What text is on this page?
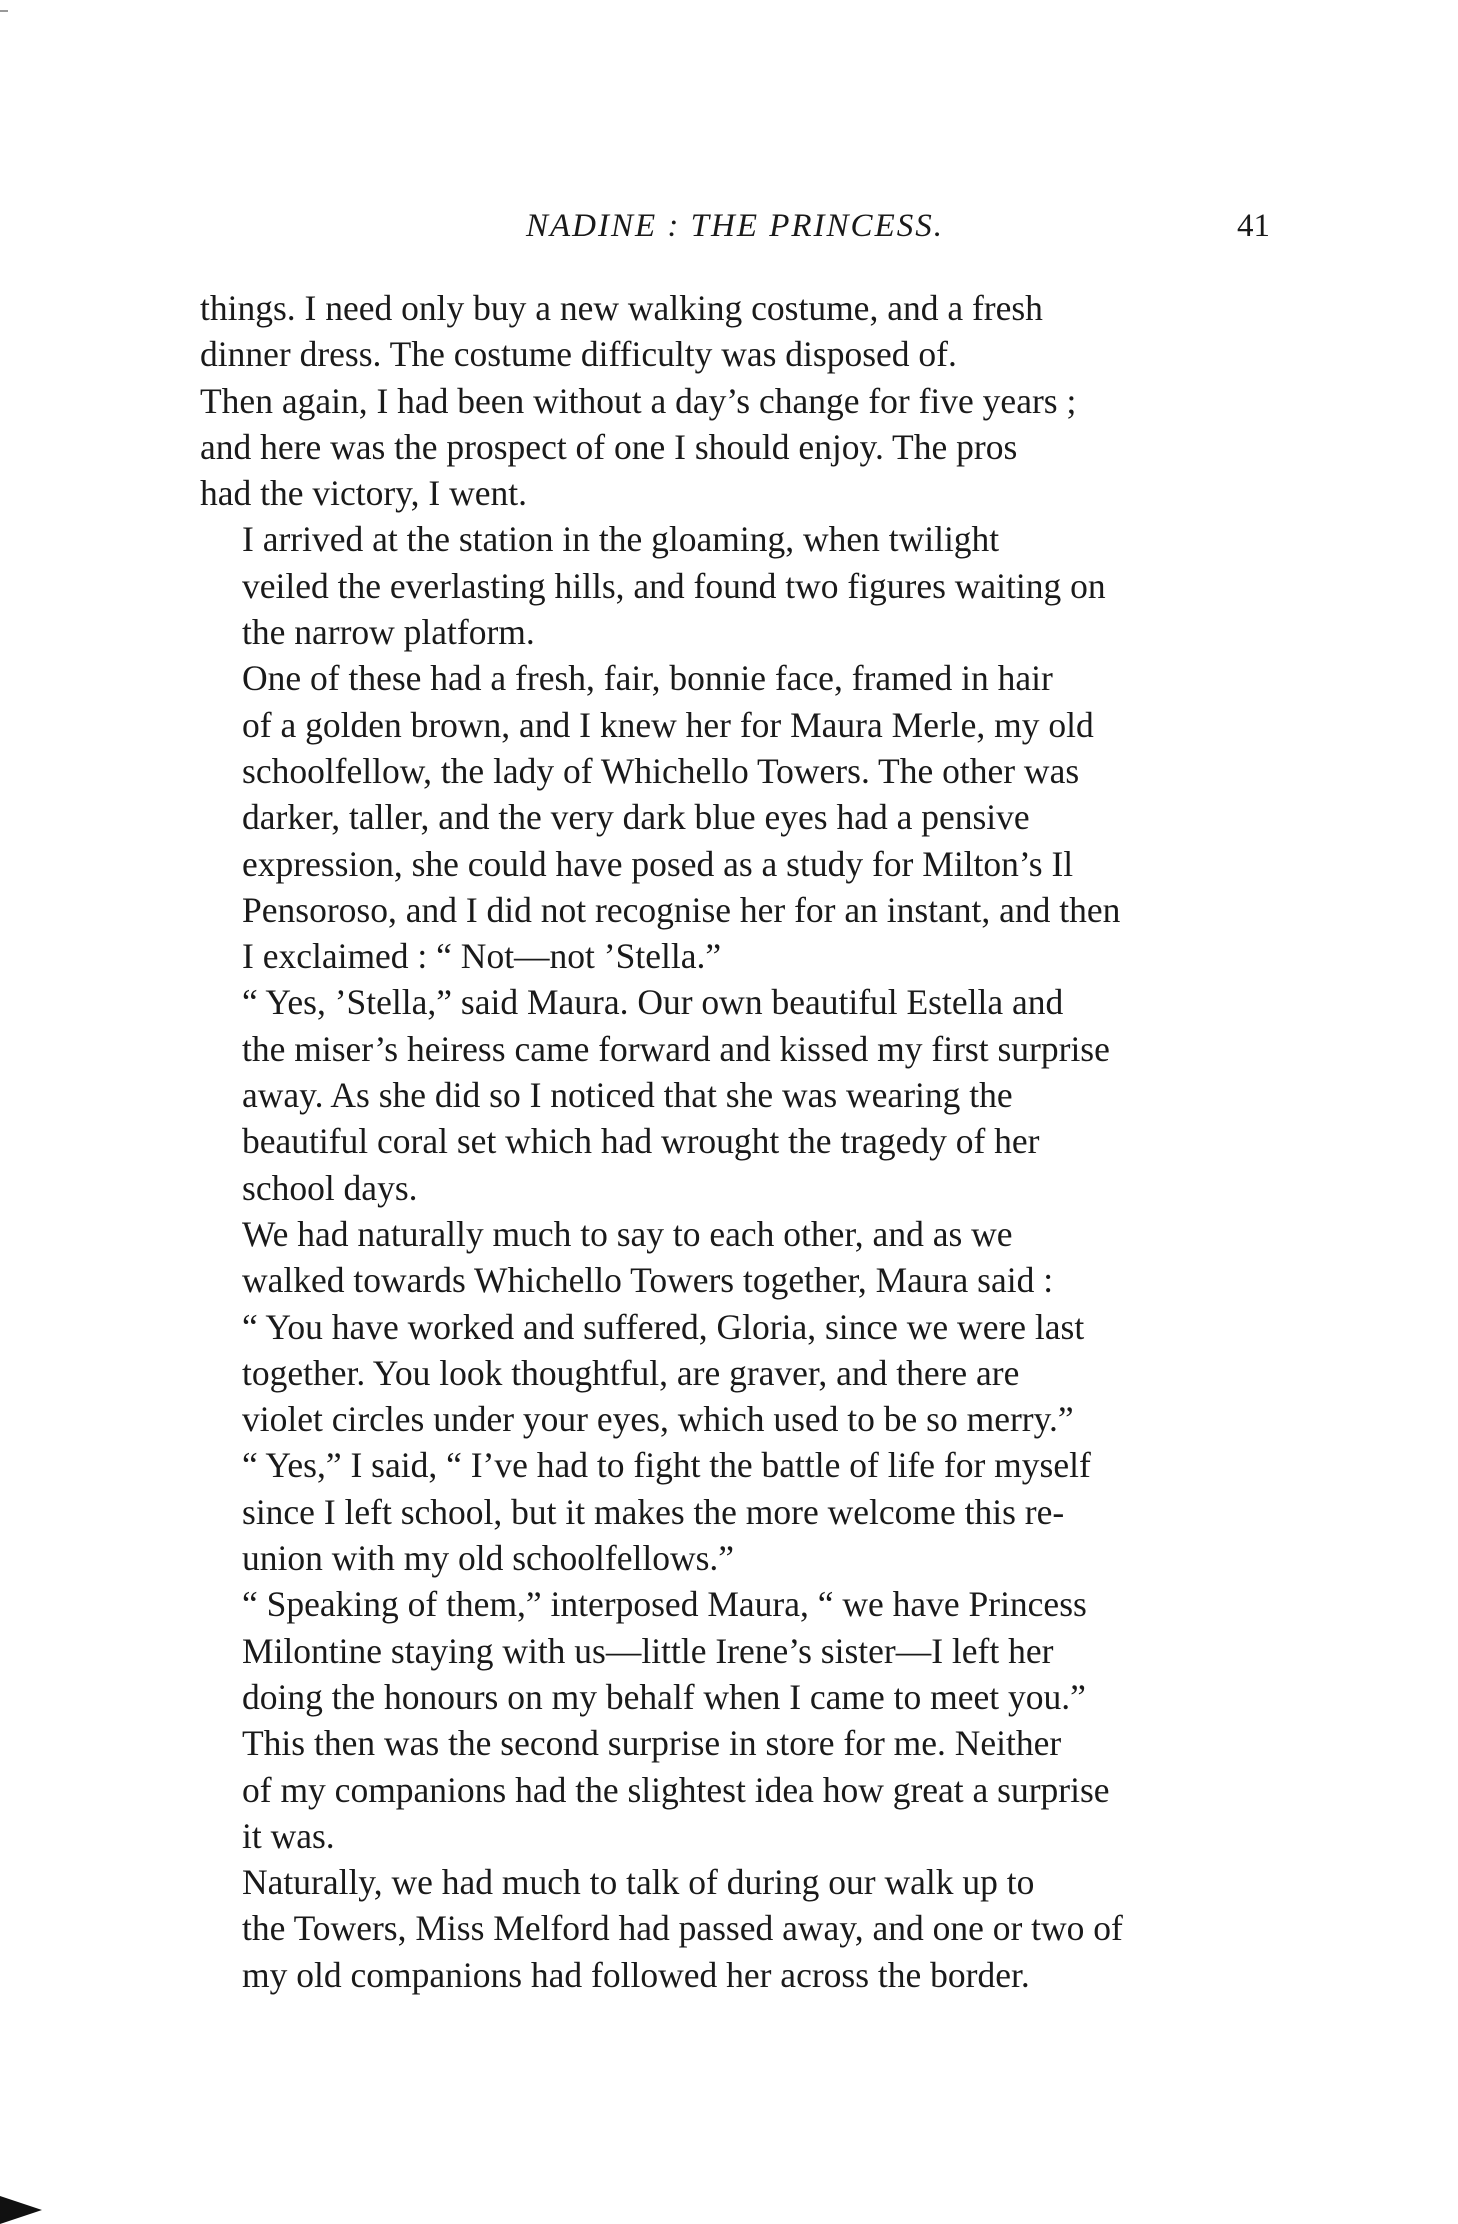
NADINE : THE PRINCESS.	41

things. I need only buy a new walking costume, and a fresh
dinner dress. The costume difficulty was disposed of.
Then again, I had been without a day’s change for five years ;
and here was the prospect of one I should enjoy. The pros
had the victory, I went.

I arrived at the station in the gloaming, when twilight
veiled the everlasting hills, and found two figures waiting on
the narrow platform.

One of these had a fresh, fair, bonnie face, framed in hair
of a golden brown, and I knew her for Maura Merle, my old
schoolfellow, the lady of Whichello Towers. The other was
darker, taller, and the very dark blue eyes had a pensive
expression, she could have posed as a study for Milton’s Il
Pensoroso, and I did not recognise her for an instant, and then
I exclaimed : “ Not—not ’Stella.”

“ Yes, ’Stella,” said Maura. Our own beautiful Estella and
the miser’s heiress came forward and kissed my first surprise
away. As she did so I noticed that she was wearing the
beautiful coral set which had wrought the tragedy of her
school days.

We had naturally much to say to each other, and as we
walked towards Whichello Towers together, Maura said :

“ You have worked and suffered, Gloria, since we were last
together. You look thoughtful, are graver, and there are
violet circles under your eyes, which used to be so merry.”

“ Yes,” I said, “ I’ve had to fight the battle of life for myself
since I left school, but it makes the more welcome this re-
union with my old schoolfellows.”

“ Speaking of them,” interposed Maura, “ we have Princess
Milontine staying with us—little Irene’s sister—I left her
doing the honours on my behalf when I came to meet you.”

This then was the second surprise in store for me. Neither
of my companions had the slightest idea how great a surprise
it was.

Naturally, we had much to talk of during our walk up to
the Towers, Miss Melford had passed away, and one or two of
my old companions had followed her across the border.
